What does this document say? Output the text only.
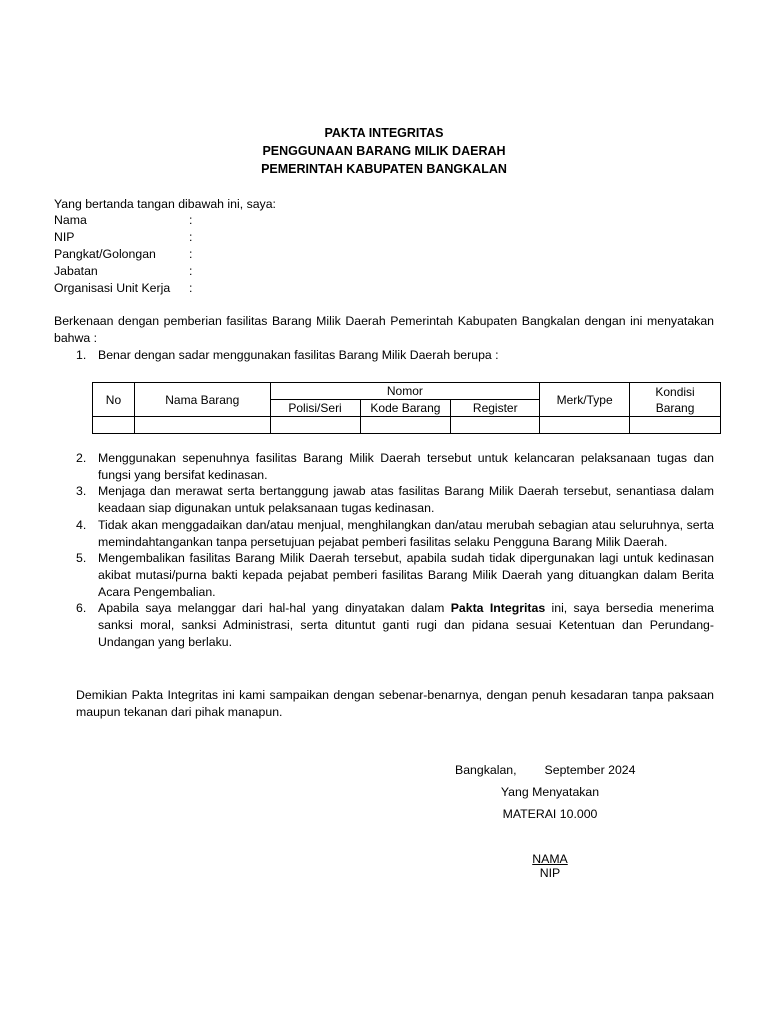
PAKTA INTEGRITAS
PENGGUNAAN BARANG MILIK DAERAH
PEMERINTAH KABUPATEN BANGKALAN
Yang bertanda tangan dibawah ini, saya:
Nama	:
NIP	:
Pangkat/Golongan	:
Jabatan	:
Organisasi Unit Kerja :
Berkenaan dengan pemberian fasilitas Barang Milik Daerah Pemerintah Kabupaten Bangkalan dengan ini menyatakan bahwa :
1. Benar dengan sadar menggunakan fasilitas Barang Milik Daerah berupa :
No	Nama Barang	Nomor			Merk/Type	Kondisi
Barang

		Polisi/Seri	Kode Barang	Register		

2. Menggunakan sepenuhnya fasilitas Barang Milik Daerah tersebut untuk kelancaran pelaksanaan tugas dan fungsi yang bersifat kedinasan.
3. Menjaga dan merawat serta bertanggung jawab atas fasilitas Barang Milik Daerah tersebut, senantiasa dalam keadaan siap digunakan untuk pelaksanaan tugas kedinasan.
4. Tidak akan menggadaikan dan/atau menjual, menghilangkan dan/atau merubah sebagian atau seluruhnya, serta memindahtangankan tanpa persetujuan pejabat pemberi fasilitas selaku Pengguna Barang Milik Daerah.
5. Mengembalikan fasilitas Barang Milik Daerah tersebut, apabila sudah tidak dipergunakan lagi untuk kedinasan akibat mutasi/purna bakti kepada pejabat pemberi fasilitas Barang Milik Daerah yang dituangkan dalam Berita Acara Pengembalian.
6. Apabila saya melanggar dari hal-hal yang dinyatakan dalam Pakta Integritas ini, saya bersedia menerima sanksi moral, sanksi Administrasi, serta dituntut ganti rugi dan pidana sesuai Ketentuan dan Perundang-Undangan yang berlaku.
Demikian Pakta Integritas ini kami sampaikan dengan sebenar-benarnya, dengan penuh kesadaran tanpa paksaan maupun tekanan dari pihak manapun.
Bangkalan, September 2024
Yang Menyatakan
MATERAI 10.000
NAMA
NIP
